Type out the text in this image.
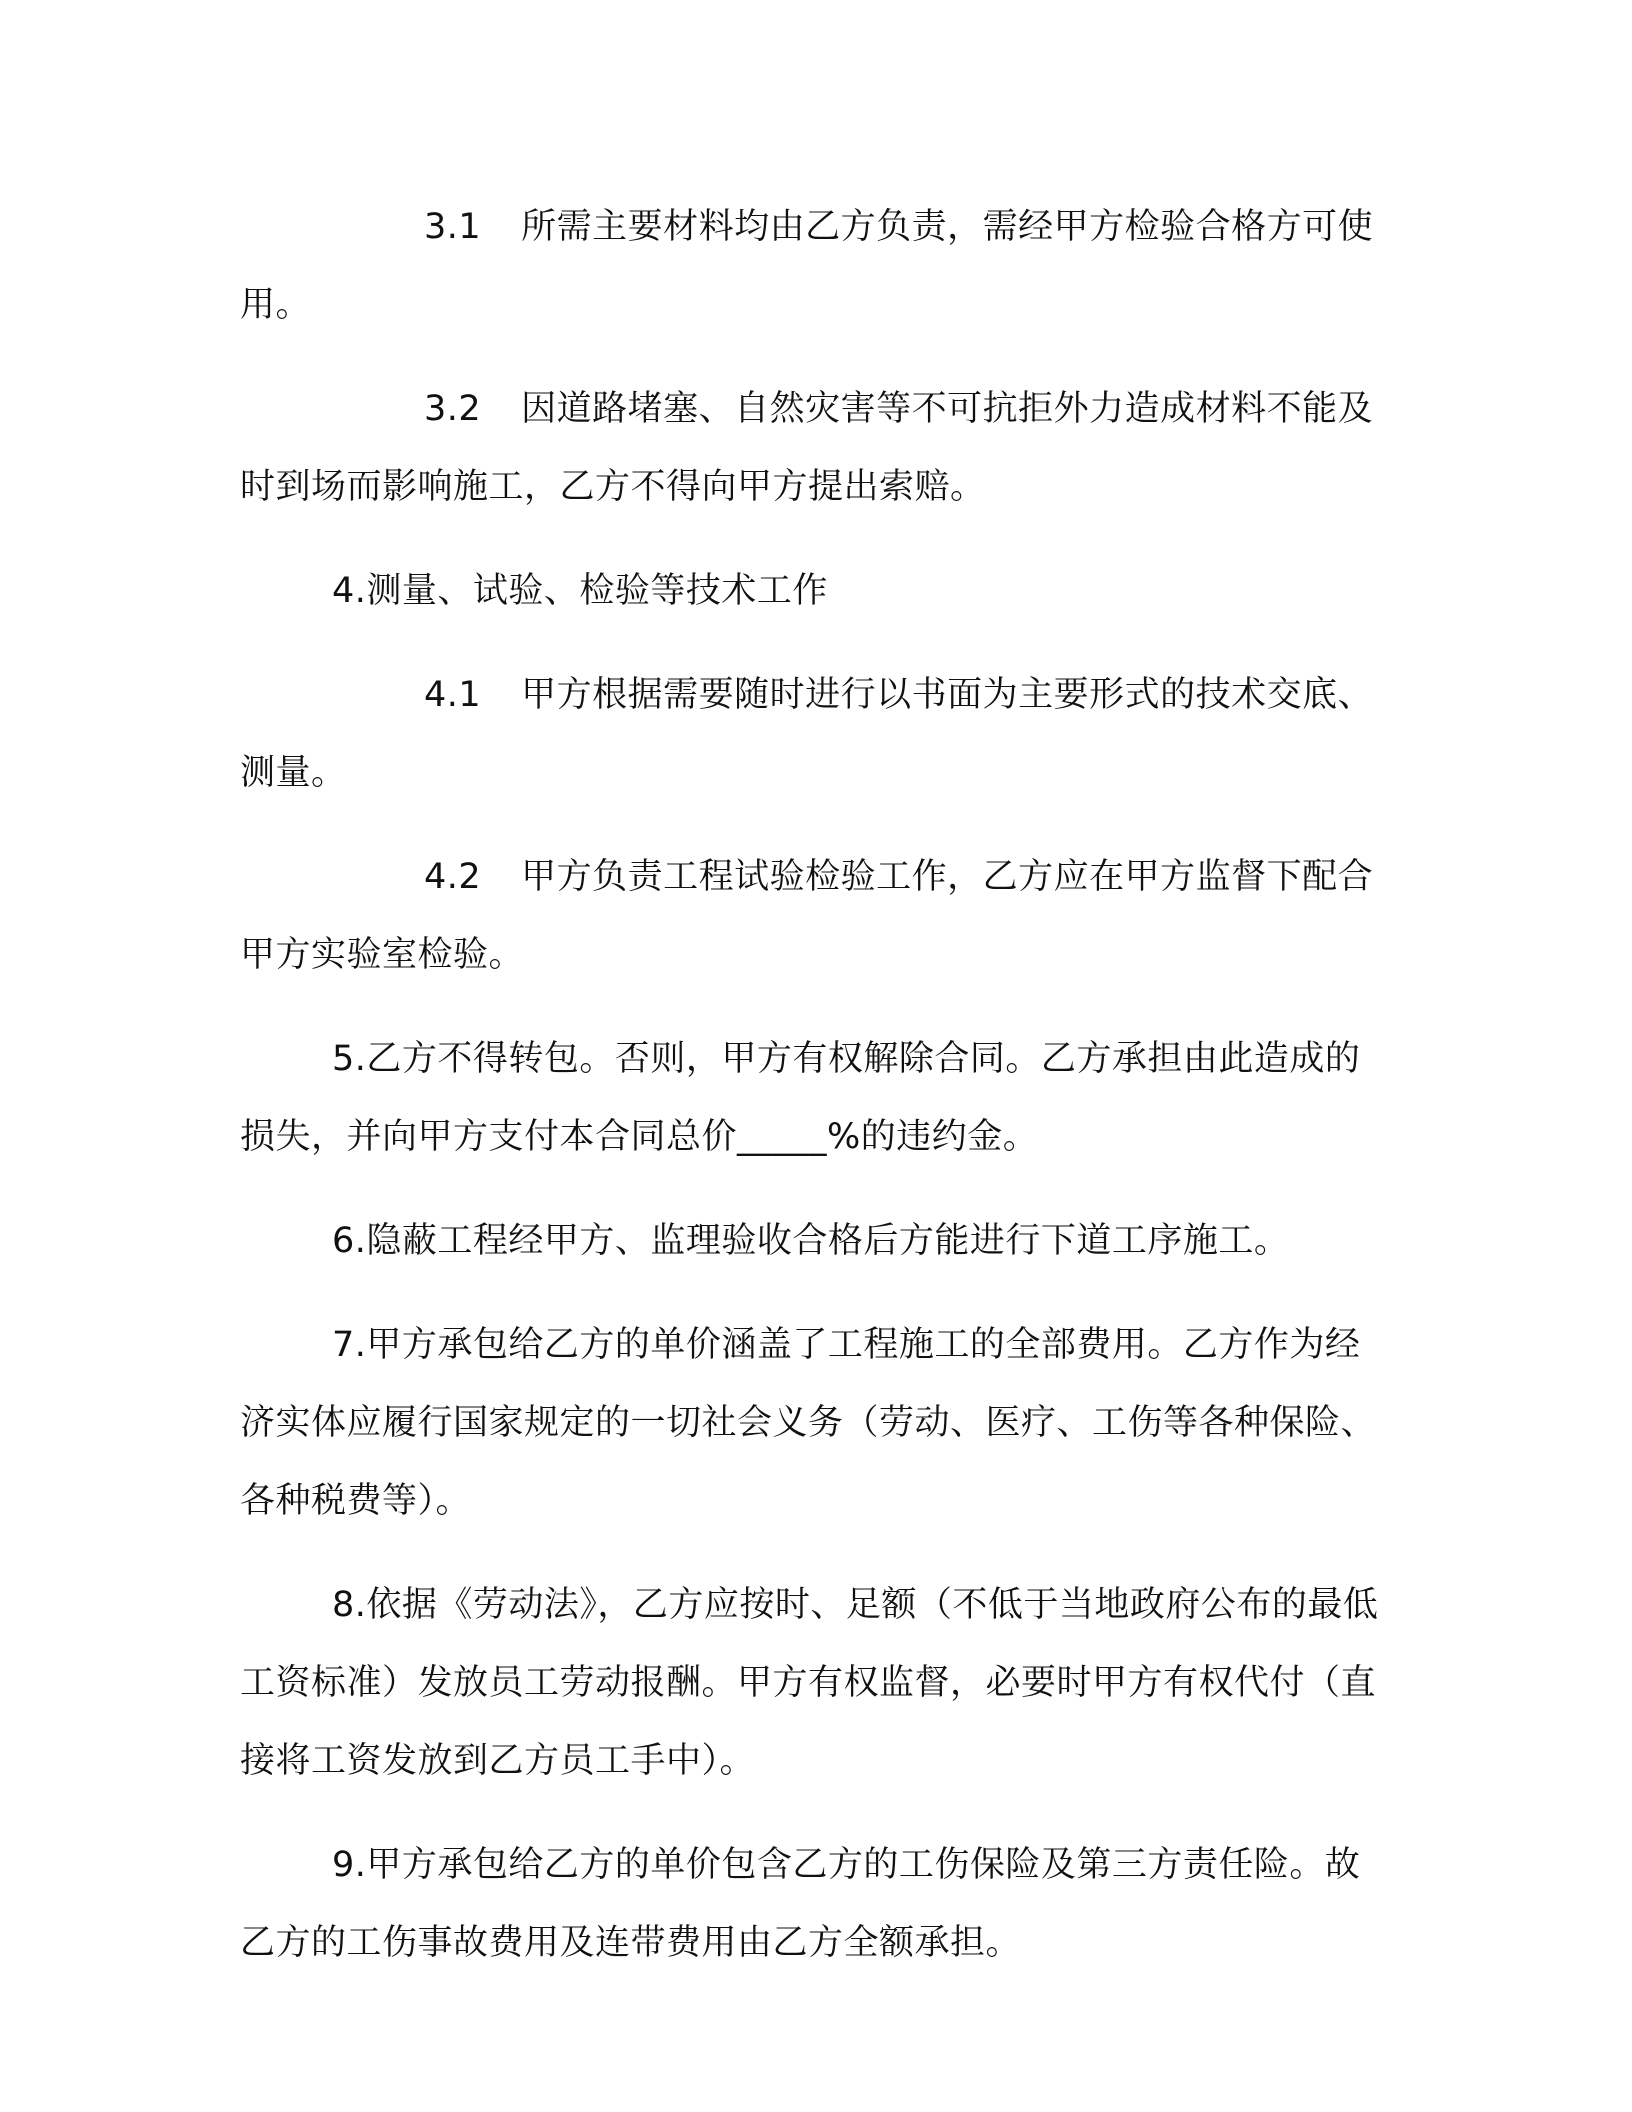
3.1 所需主要材料均由乙方负责，需经甲方检验合格方可使用。

3.2 因道路堵塞、自然灾害等不可抗拒外力造成材料不能及时到场而影响施工，乙方不得向甲方提出索赔。

4.测量、试验、检验等技术工作

4.1 甲方根据需要随时进行以书面为主要形式的技术交底、测量。

4.2 甲方负责工程试验检验工作，乙方应在甲方监督下配合甲方实验室检验。

5.乙方不得转包。否则，甲方有权解除合同。乙方承担由此造成的损失，并向甲方支付本合同总价_____%的违约金。

6.隐蔽工程经甲方、监理验收合格后方能进行下道工序施工。

7.甲方承包给乙方的单价涵盖了工程施工的全部费用。乙方作为经济实体应履行国家规定的一切社会义务（劳动、医疗、工伤等各种保险、各种税费等）。

8.依据《劳动法》，乙方应按时、足额（不低于当地政府公布的最低工资标准）发放员工劳动报酬。甲方有权监督，必要时甲方有权代付（直接将工资发放到乙方员工手中）。

9.甲方承包给乙方的单价包含乙方的工伤保险及第三方责任险。故乙方的工伤事故费用及连带费用由乙方全额承担。
